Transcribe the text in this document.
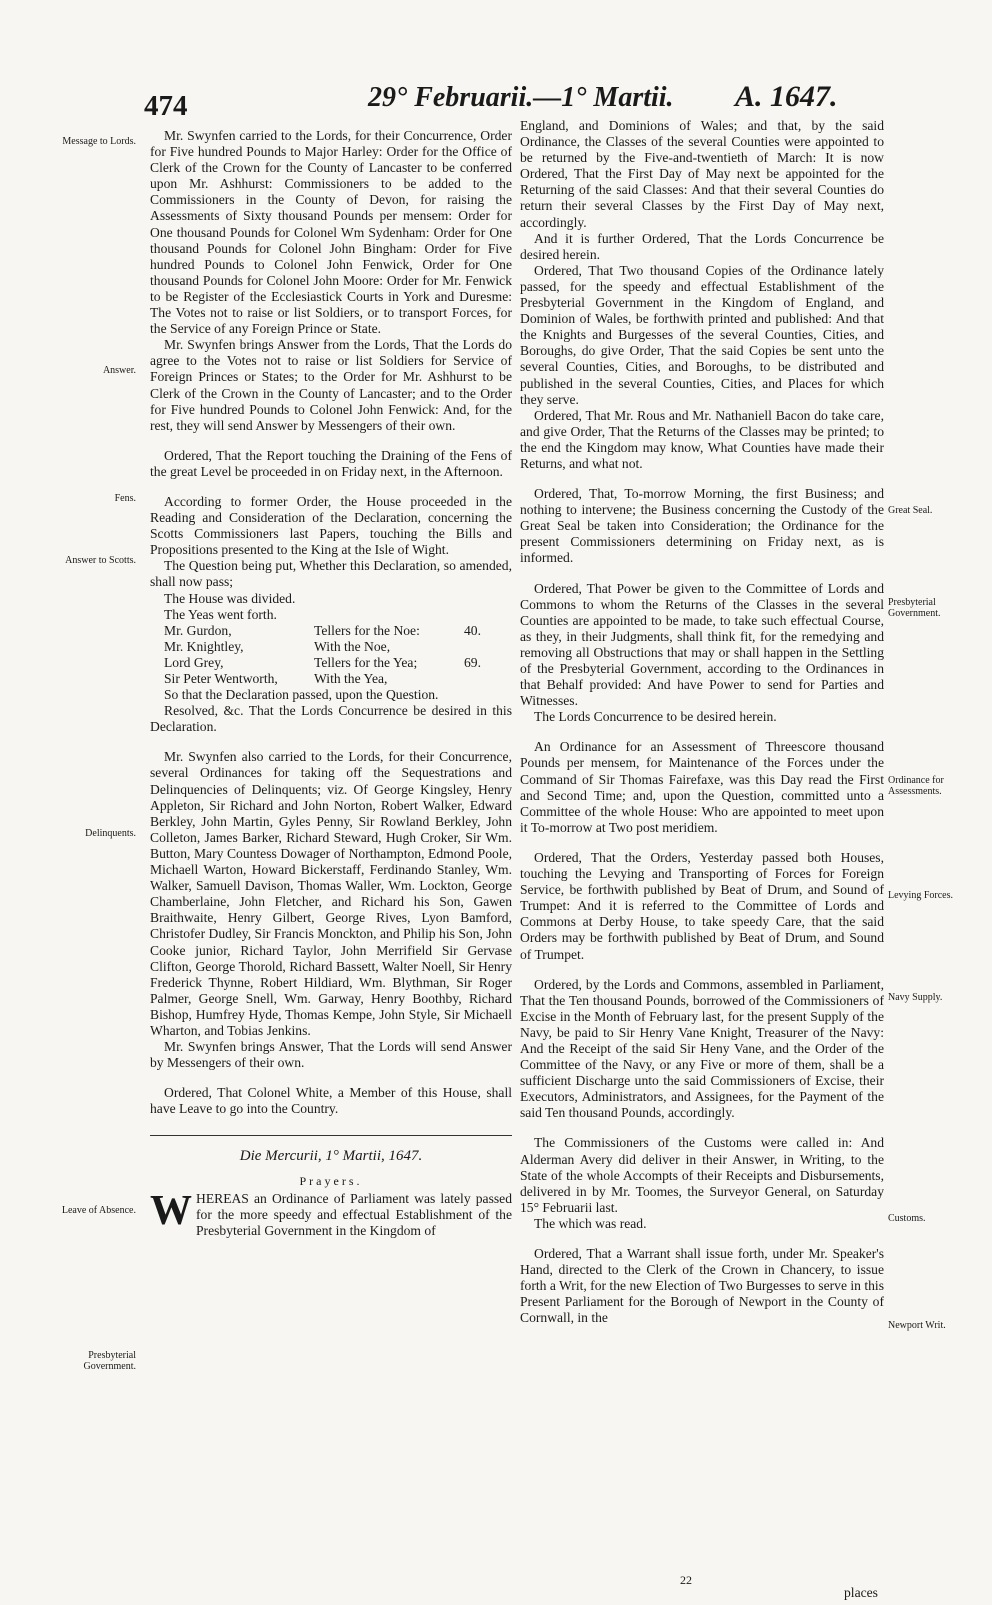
474	29° Februarii.—1° Martii. A. 1647.
Message to Lords.
Answer.
Fens.
Answer to Scotts.
Delinquents.
Leave of Absence.
Presbyterial Government.
Great Seal.
Presbyterial Government.
Ordinance for Assessments.
Levying Forces.
Navy Supply.
Customs.
Newport Writ.

Mr. Swynfen carried to the Lords, for their Concurrence, Order for Five hundred Pounds to Major Harley: Order for the Office of Clerk of the Crown for the County of Lancaster to be conferred upon Mr. Ashhurst: Commissioners to be added to the Commissioners in the County of Devon, for raising the Assessments of Sixty thousand Pounds per mensem: Order for One thousand Pounds for Colonel Wm Sydenham: Order for One thousand Pounds for Colonel John Bingham: Order for Five hundred Pounds to Colonel John Fenwick, Order for One thousand Pounds for Colonel John Moore: Order for Mr. Fenwick to be Register of the Ecclesiastick Courts in York and Duresme: The Votes not to raise or list Soldiers, or to transport Forces, for the Service of any Foreign Prince or State.

Mr. Swynfen brings Answer from the Lords, That the Lords do agree to the Votes not to raise or list Soldiers for Service of Foreign Princes or States; to the Order for Mr. Ashhurst to be Clerk of the Crown in the County of Lancaster; and to the Order for Five hundred Pounds to Colonel John Fenwick: And, for the rest, they will send Answer by Messengers of their own.

Ordered, That the Report touching the Draining of the Fens of the great Level be proceeded in on Friday next, in the Afternoon.

According to former Order, the House proceeded in the Reading and Consideration of the Declaration, concerning the Scotts Commissioners last Papers, touching the Bills and Propositions presented to the King at the Isle of Wight.

The Question being put, Whether this Declaration, so amended, shall now pass;

The House was divided.

The Yeas went forth.

Mr. Gurdon,	Tellers for the Noe:	40.
Mr. Knightley,	With the Noe,
Lord Grey,	Tellers for the Yea;	69.
Sir Peter Wentworth,	With the Yea,

So that the Declaration passed, upon the Question.

Resolved, &c. That the Lords Concurrence be desired in this Declaration.

Mr. Swynfen also carried to the Lords, for their Concurrence, several Ordinances for taking off the Sequestrations and Delinquencies of Delinquents; viz. Of George Kingsley, Henry Appleton, Sir Richard and John Norton, Robert Walker, Edward Berkley, John Martin, Gyles Penny, Sir Rowland Berkley, John Colleton, James Barker, Richard Steward, Hugh Croker, Sir Wm. Button, Mary Countess Dowager of Northampton, Edmond Poole, Michaell Warton, Howard Bickerstaff, Ferdinando Stanley, Wm. Walker, Samuell Davison, Thomas Waller, Wm. Lockton, George Chamberlaine, John Fletcher, and Richard his Son, Gawen Braithwaite, Henry Gilbert, George Rives, Lyon Bamford, Christofer Dudley, Sir Francis Monckton, and Philip his Son, John Cooke junior, Richard Taylor, John Merrifield Sir Gervase Clifton, George Thorold, Richard Bassett, Walter Noell, Sir Henry Frederick Thynne, Robert Hildiard, Wm. Blythman, Sir Roger Palmer, George Snell, Wm. Garway, Henry Boothby, Richard Bishop, Humfrey Hyde, Thomas Kempe, John Style, Sir Michaell Wharton, and Tobias Jenkins.

Mr. Swynfen brings Answer, That the Lords will send Answer by Messengers of their own.

Ordered, That Colonel White, a Member of this House, shall have Leave to go into the Country.

Die Mercurii, 1° Martii, 1647.
Prayers.

WHEREAS an Ordinance of Parliament was lately passed for the more speedy and effectual Establishment of the Presbyterial Government in the Kingdom of

England, and Dominions of Wales; and that, by the said Ordinance, the Classes of the several Counties were appointed to be returned by the Five-and-twentieth of March: It is now Ordered, That the First Day of May next be appointed for the Returning of the said Classes: And that their several Counties do return their several Classes by the First Day of May next, accordingly.

And it is further Ordered, That the Lords Concurrence be desired herein.

Ordered, That Two thousand Copies of the Ordinance lately passed, for the speedy and effectual Establishment of the Presbyterial Government in the Kingdom of England, and Dominion of Wales, be forthwith printed and published: And that the Knights and Burgesses of the several Counties, Cities, and Boroughs, do give Order, That the said Copies be sent unto the several Counties, Cities, and Boroughs, to be distributed and published in the several Counties, Cities, and Places for which they serve.

Ordered, That Mr. Rous and Mr. Nathaniell Bacon do take care, and give Order, That the Returns of the Classes may be printed; to the end the Kingdom may know, What Counties have made their Returns, and what not.

Ordered, That, To-morrow Morning, the first Business; and nothing to intervene; the Business concerning the Custody of the Great Seal be taken into Consideration; the Ordinance for the present Commissioners determining on Friday next, as is informed.

Ordered, That Power be given to the Committee of Lords and Commons to whom the Returns of the Classes in the several Counties are appointed to be made, to take such effectual Course, as they, in their Judgments, shall think fit, for the remedying and removing all Obstructions that may or shall happen in the Settling of the Presbyterial Government, according to the Ordinances in that Behalf provided: And have Power to send for Parties and Witnesses.

The Lords Concurrence to be desired herein.

An Ordinance for an Assessment of Threescore thousand Pounds per mensem, for Maintenance of the Forces under the Command of Sir Thomas Fairefaxe, was this Day read the First and Second Time; and, upon the Question, committed unto a Committee of the whole House: Who are appointed to meet upon it To-morrow at Two post meridiem.

Ordered, That the Orders, Yesterday passed both Houses, touching the Levying and Transporting of Forces for Foreign Service, be forthwith published by Beat of Drum, and Sound of Trumpet: And it is referred to the Committee of Lords and Commons at Derby House, to take speedy Care, that the said Orders may be forthwith published by Beat of Drum, and Sound of Trumpet.

Ordered, by the Lords and Commons, assembled in Parliament, That the Ten thousand Pounds, borrowed of the Commissioners of Excise in the Month of February last, for the present Supply of the Navy, be paid to Sir Henry Vane Knight, Treasurer of the Navy: And the Receipt of the said Sir Heny Vane, and the Order of the Committee of the Navy, or any Five or more of them, shall be a sufficient Discharge unto the said Commissioners of Excise, their Executors, Administrators, and Assignees, for the Payment of the said Ten thousand Pounds, accordingly.

The Commissioners of the Customs were called in: And Alderman Avery did deliver in their Answer, in Writing, to the State of the whole Accompts of their Receipts and Disbursements, delivered in by Mr. Toomes, the Surveyor General, on Saturday 15° Februarii last.

The which was read.

Ordered, That a Warrant shall issue forth, under Mr. Speaker's Hand, directed to the Clerk of the Crown in Chancery, to issue forth a Writ, for the new Election of Two Burgesses to serve in this Present Parliament for the Borough of Newport in the County of Cornwall, in the

22
places
